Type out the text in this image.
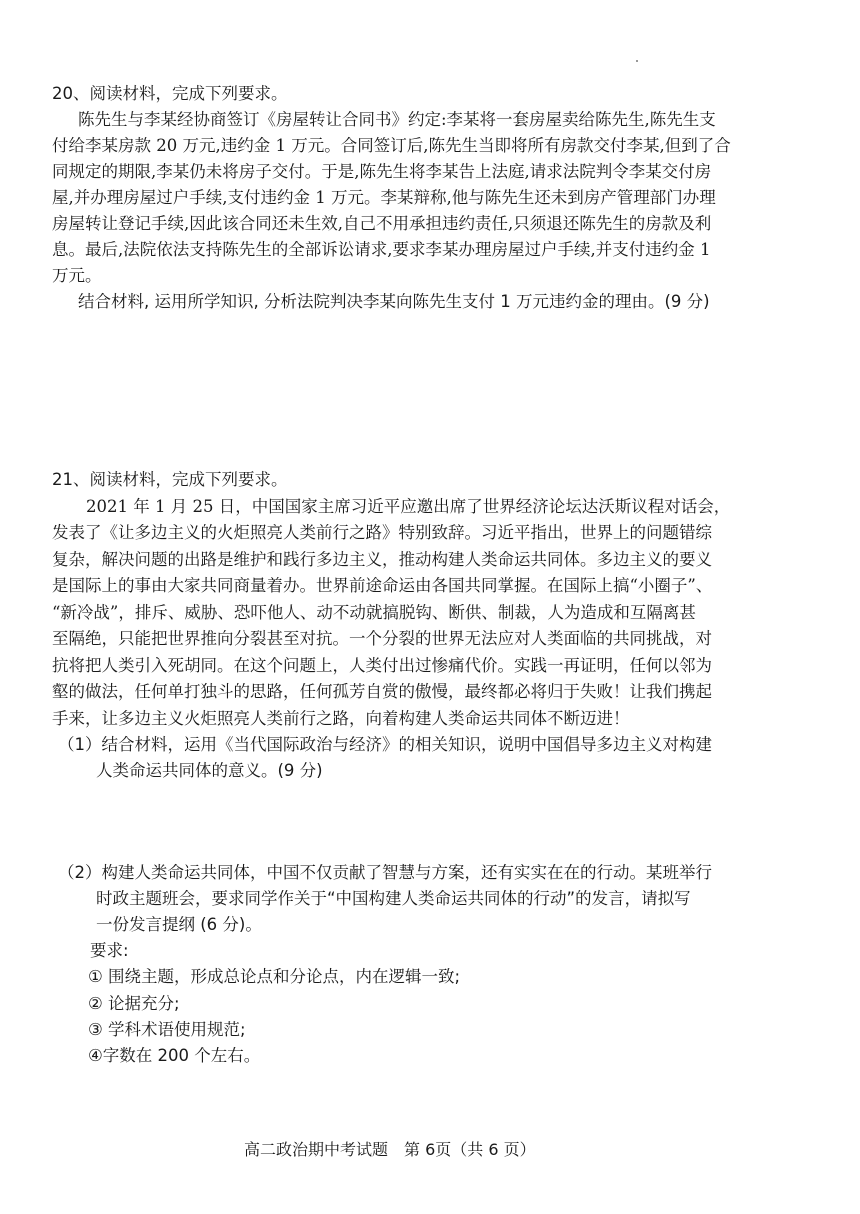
20、阅读材料，完成下列要求。
陈先生与李某经协商签订《房屋转让合同书》约定:李某将一套房屋卖给陈先生,陈先生支
付给李某房款 20 万元,违约金 1 万元。合同签订后,陈先生当即将所有房款交付李某,但到了合
同规定的期限,李某仍未将房子交付。于是,陈先生将李某告上法庭,请求法院判令李某交付房
屋,并办理房屋过户手续,支付违约金 1 万元。李某辩称,他与陈先生还未到房产管理部门办理
房屋转让登记手续,因此该合同还未生效,自己不用承担违约责任,只须退还陈先生的房款及利
息。最后,法院依法支持陈先生的全部诉讼请求,要求李某办理房屋过户手续,并支付违约金 1
万元。
结合材料, 运用所学知识, 分析法院判决李某向陈先生支付 1 万元违约金的理由。(9 分)
21、阅读材料，完成下列要求。
2021 年 1 月 25 日，中国国家主席习近平应邀出席了世界经济论坛达沃斯议程对话会，
发表了《让多边主义的火炬照亮人类前行之路》特别致辞。习近平指出，世界上的问题错综
复杂，解决问题的出路是维护和践行多边主义，推动构建人类命运共同体。多边主义的要义
是国际上的事由大家共同商量着办。世界前途命运由各国共同掌握。在国际上搞“小圈子”、
“新冷战”，排斥、威胁、恐吓他人、动不动就搞脱钩、断供、制裁，人为造成和互隔离甚
至隔绝，只能把世界推向分裂甚至对抗。一个分裂的世界无法应对人类面临的共同挑战，对
抗将把人类引入死胡同。在这个问题上，人类付出过惨痛代价。实践一再证明，任何以邻为
壑的做法，任何单打独斗的思路，任何孤芳自赏的傲慢，最终都必将归于失败！让我们携起
手来，让多边主义火炬照亮人类前行之路，向着构建人类命运共同体不断迈进！
（1）结合材料，运用《当代国际政治与经济》的相关知识，说明中国倡导多边主义对构建
人类命运共同体的意义。(9 分)
（2）构建人类命运共同体，中国不仅贡献了智慧与方案，还有实实在在的行动。某班举行
时政主题班会，要求同学作关于“中国构建人类命运共同体的行动”的发言，请拟写
一份发言提纲 (6 分)。
要求:
① 围绕主题，形成总论点和分论点，内在逻辑一致;
② 论据充分;
③ 学科术语使用规范;
④字数在 200 个左右。
高二政治期中考试题　第 6页（共 6 页）
